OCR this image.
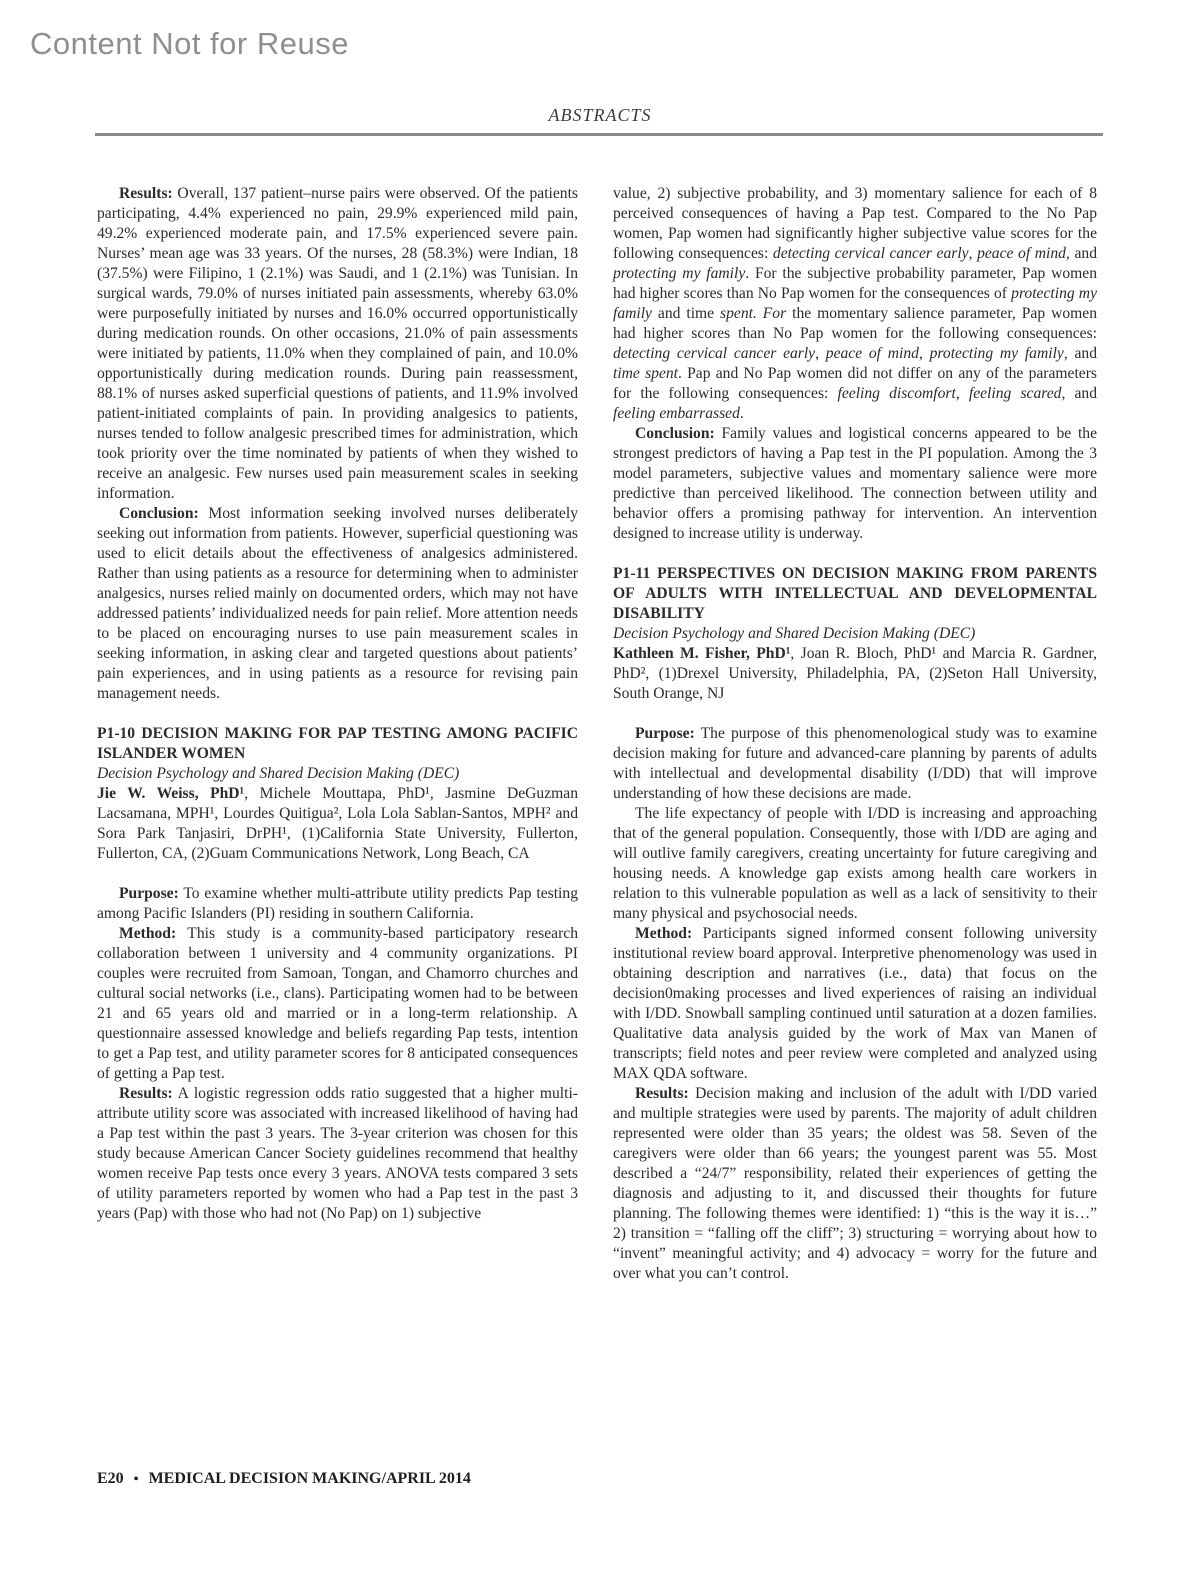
Content Not for Reuse
ABSTRACTS
Results: Overall, 137 patient–nurse pairs were observed. Of the patients participating, 4.4% experienced no pain, 29.9% experienced mild pain, 49.2% experienced moderate pain, and 17.5% experienced severe pain. Nurses’ mean age was 33 years. Of the nurses, 28 (58.3%) were Indian, 18 (37.5%) were Filipino, 1 (2.1%) was Saudi, and 1 (2.1%) was Tunisian. In surgical wards, 79.0% of nurses initiated pain assessments, whereby 63.0% were purposefully initiated by nurses and 16.0% occurred opportunistically during medication rounds. On other occasions, 21.0% of pain assessments were initiated by patients, 11.0% when they complained of pain, and 10.0% opportunistically during medication rounds. During pain reassessment, 88.1% of nurses asked superficial questions of patients, and 11.9% involved patient-initiated complaints of pain. In providing analgesics to patients, nurses tended to follow analgesic prescribed times for administration, which took priority over the time nominated by patients of when they wished to receive an analgesic. Few nurses used pain measurement scales in seeking information.
Conclusion: Most information seeking involved nurses deliberately seeking out information from patients. However, superficial questioning was used to elicit details about the effectiveness of analgesics administered. Rather than using patients as a resource for determining when to administer analgesics, nurses relied mainly on documented orders, which may not have addressed patients’ individualized needs for pain relief. More attention needs to be placed on encouraging nurses to use pain measurement scales in seeking information, in asking clear and targeted questions about patients’ pain experiences, and in using patients as a resource for revising pain management needs.
P1-10 DECISION MAKING FOR PAP TESTING AMONG PACIFIC ISLANDER WOMEN
Decision Psychology and Shared Decision Making (DEC)
Jie W. Weiss, PhD¹, Michele Mouttapa, PhD¹, Jasmine DeGuzman Lacsamana, MPH¹, Lourdes Quitigua², Lola Lola Sablan-Santos, MPH² and Sora Park Tanjasiri, DrPH¹, (1)California State University, Fullerton, Fullerton, CA, (2)Guam Communications Network, Long Beach, CA
Purpose: To examine whether multi-attribute utility predicts Pap testing among Pacific Islanders (PI) residing in southern California.
Method: This study is a community-based participatory research collaboration between 1 university and 4 community organizations. PI couples were recruited from Samoan, Tongan, and Chamorro churches and cultural social networks (i.e., clans). Participating women had to be between 21 and 65 years old and married or in a long-term relationship. A questionnaire assessed knowledge and beliefs regarding Pap tests, intention to get a Pap test, and utility parameter scores for 8 anticipated consequences of getting a Pap test.
Results: A logistic regression odds ratio suggested that a higher multi-attribute utility score was associated with increased likelihood of having had a Pap test within the past 3 years. The 3-year criterion was chosen for this study because American Cancer Society guidelines recommend that healthy women receive Pap tests once every 3 years. ANOVA tests compared 3 sets of utility parameters reported by women who had a Pap test in the past 3 years (Pap) with those who had not (No Pap) on 1) subjective
value, 2) subjective probability, and 3) momentary salience for each of 8 perceived consequences of having a Pap test. Compared to the No Pap women, Pap women had significantly higher subjective value scores for the following consequences: detecting cervical cancer early, peace of mind, and protecting my family. For the subjective probability parameter, Pap women had higher scores than No Pap women for the consequences of protecting my family and time spent. For the momentary salience parameter, Pap women had higher scores than No Pap women for the following consequences: detecting cervical cancer early, peace of mind, protecting my family, and time spent. Pap and No Pap women did not differ on any of the parameters for the following consequences: feeling discomfort, feeling scared, and feeling embarrassed.
Conclusion: Family values and logistical concerns appeared to be the strongest predictors of having a Pap test in the PI population. Among the 3 model parameters, subjective values and momentary salience were more predictive than perceived likelihood. The connection between utility and behavior offers a promising pathway for intervention. An intervention designed to increase utility is underway.
P1-11 PERSPECTIVES ON DECISION MAKING FROM PARENTS OF ADULTS WITH INTELLECTUAL AND DEVELOPMENTAL DISABILITY
Decision Psychology and Shared Decision Making (DEC)
Kathleen M. Fisher, PhD¹, Joan R. Bloch, PhD¹ and Marcia R. Gardner, PhD², (1)Drexel University, Philadelphia, PA, (2)Seton Hall University, South Orange, NJ
Purpose: The purpose of this phenomenological study was to examine decision making for future and advanced-care planning by parents of adults with intellectual and developmental disability (I/DD) that will improve understanding of how these decisions are made.
The life expectancy of people with I/DD is increasing and approaching that of the general population. Consequently, those with I/DD are aging and will outlive family caregivers, creating uncertainty for future caregiving and housing needs. A knowledge gap exists among health care workers in relation to this vulnerable population as well as a lack of sensitivity to their many physical and psychosocial needs.
Method: Participants signed informed consent following university institutional review board approval. Interpretive phenomenology was used in obtaining description and narratives (i.e., data) that focus on the decision0making processes and lived experiences of raising an individual with I/DD. Snowball sampling continued until saturation at a dozen families. Qualitative data analysis guided by the work of Max van Manen of transcripts; field notes and peer review were completed and analyzed using MAX QDA software.
Results: Decision making and inclusion of the adult with I/DD varied and multiple strategies were used by parents. The majority of adult children represented were older than 35 years; the oldest was 58. Seven of the caregivers were older than 66 years; the youngest parent was 55. Most described a “24/7” responsibility, related their experiences of getting the diagnosis and adjusting to it, and discussed their thoughts for future planning. The following themes were identified: 1) “this is the way it is…” 2) transition = “falling off the cliff”; 3) structuring = worrying about how to “invent” meaningful activity; and 4) advocacy = worry for the future and over what you can’t control.
E20 • MEDICAL DECISION MAKING/APRIL 2014
